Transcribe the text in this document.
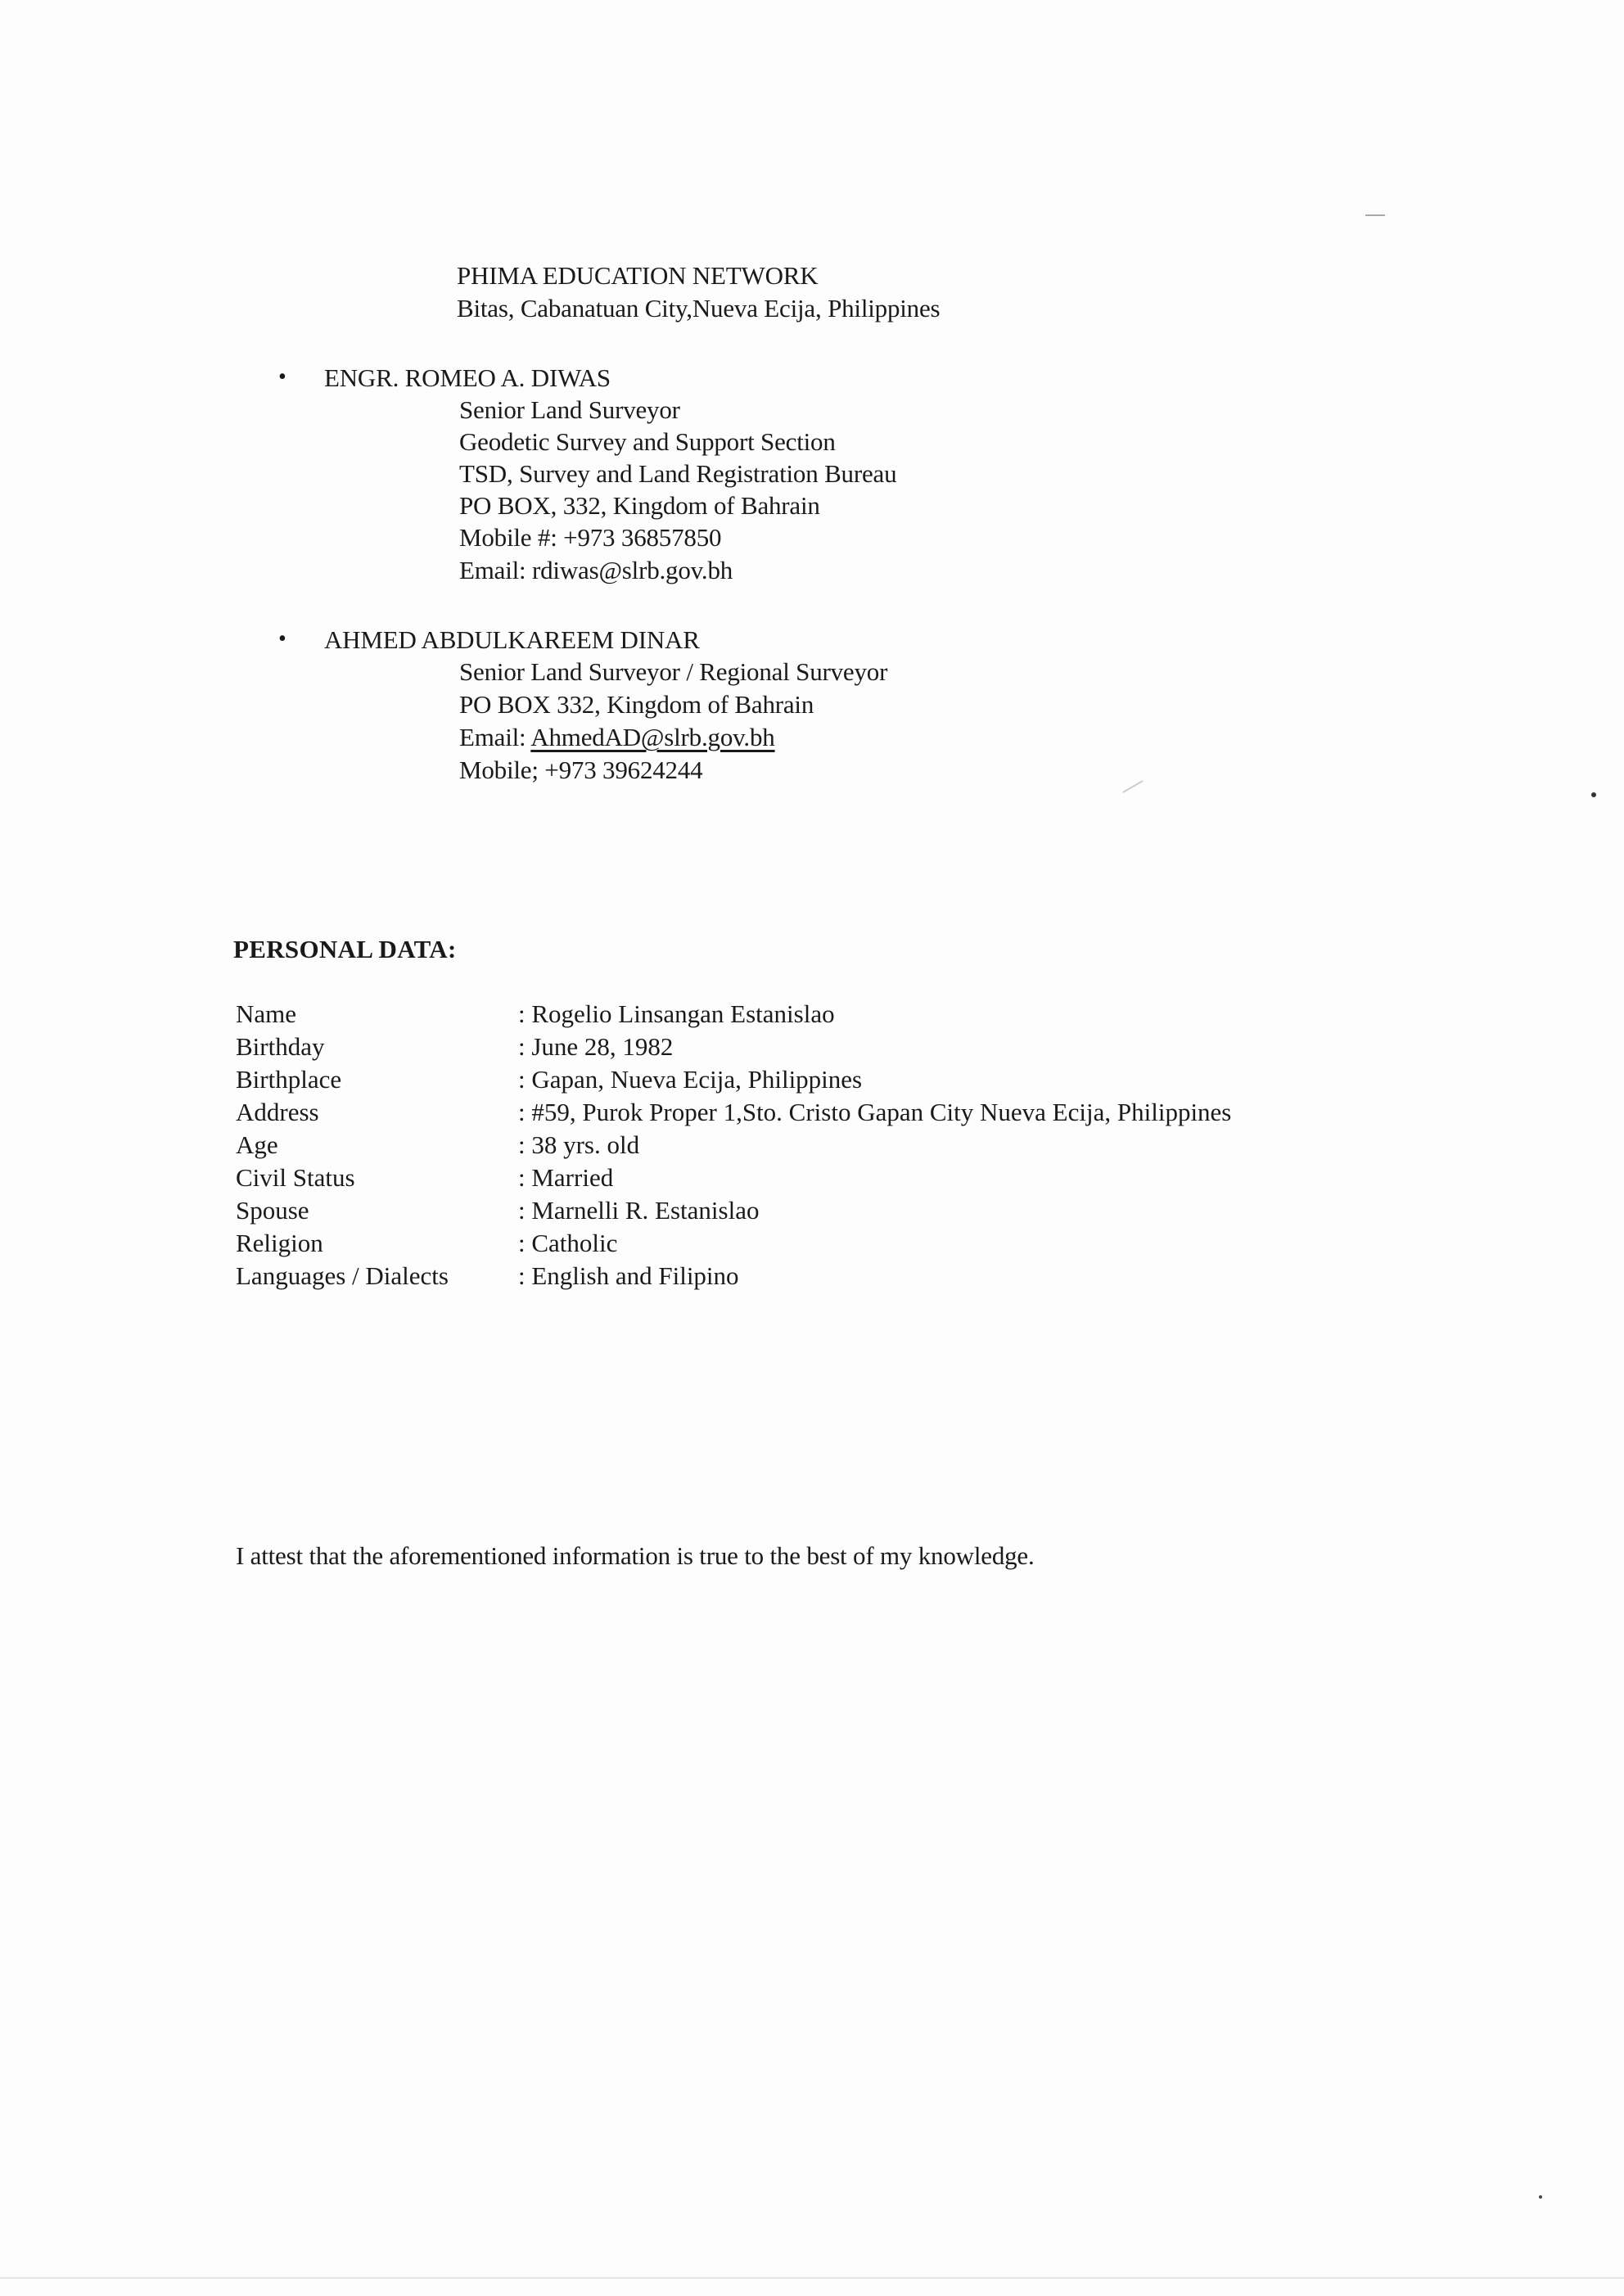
PHIMA EDUCATION NETWORK
Bitas, Cabanatuan City,Nueva Ecija, Philippines
• ENGR. ROMEO A. DIWAS
Senior Land Surveyor
Geodetic Survey and Support Section
TSD, Survey and Land Registration Bureau
PO BOX, 332, Kingdom of Bahrain
Mobile #: +973 36857850
Email: rdiwas@slrb.gov.bh
• AHMED ABDULKAREEM DINAR
Senior Land Surveyor / Regional Surveyor
PO BOX 332, Kingdom of Bahrain
Email: AhmedAD@slrb.gov.bh
Mobile; +973 39624244
PERSONAL DATA:
Name	: Rogelio Linsangan Estanislao
Birthday	: June 28, 1982
Birthplace	: Gapan, Nueva Ecija, Philippines
Address	: #59, Purok Proper 1,Sto. Cristo Gapan City Nueva Ecija, Philippines
Age	: 38 yrs. old
Civil Status	: Married
Spouse	: Marnelli R. Estanislao
Religion	: Catholic
Languages / Dialects	: English and Filipino
I attest that the aforementioned information is true to the best of my knowledge.
